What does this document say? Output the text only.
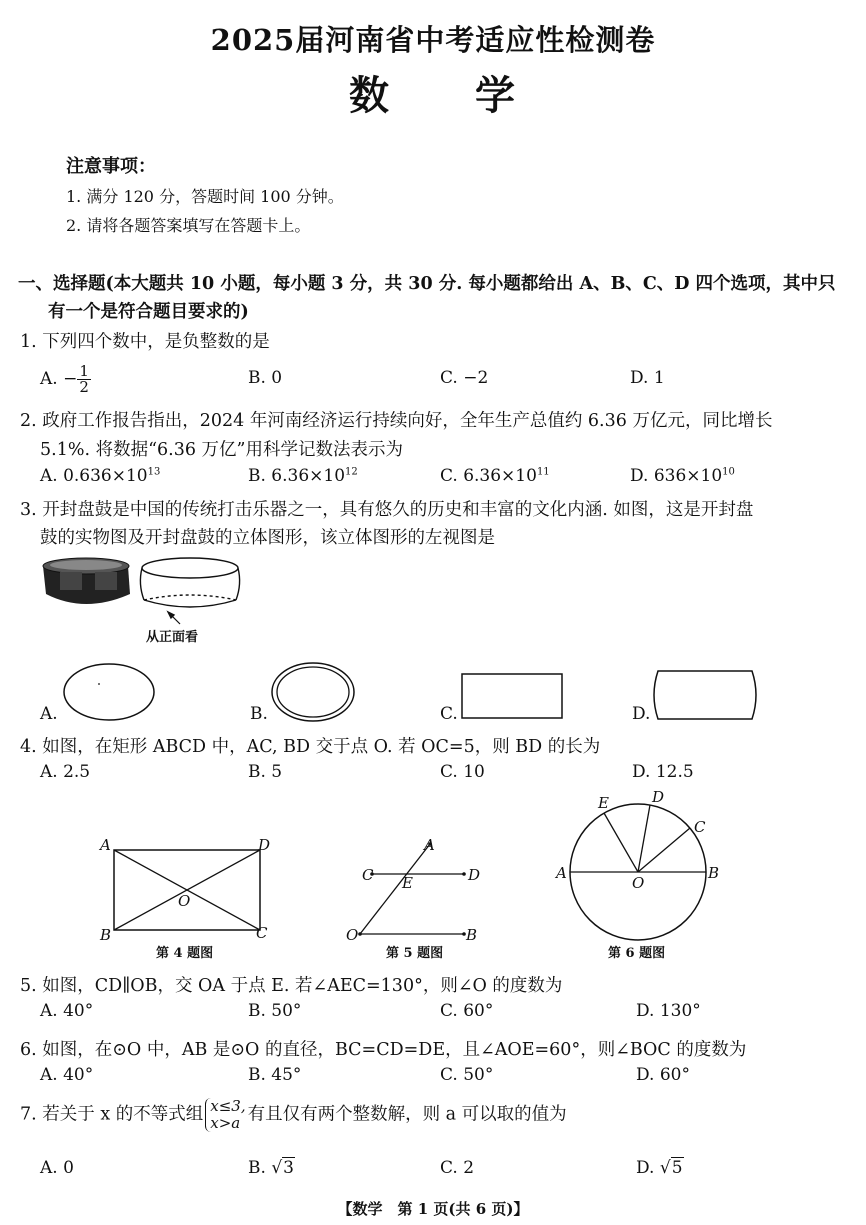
2025届河南省中考适应性检测卷
数　　学
注意事项：
1. 满分 120 分，答题时间 100 分钟。
2. 请将各题答案填写在答题卡上。
一、选择题(本大题共 10 小题，每小题 3 分，共 30 分. 每小题都给出 A、B、C、D 四个选项，其中只
有一个是符合题目要求的)
1. 下列四个数中，是负整数的是
A. − $\frac{1}{2}$	B. 0	C. −2	D. 1
2. 政府工作报告指出，2024 年河南经济运行持续向好，全年生产总值约 6.36 万亿元，同比增长
5.1%. 将数据“6.36 万亿”用科学记数法表示为
A. $0.636\times 10^{13}$	B. $6.36\times 10^{12}$	C. $6.36\times 10^{11}$	D. $636\times 10^{10}$
3. 开封盘鼓是中国的传统打击乐器之一，具有悠久的历史和丰富的文化内涵. 如图，这是开封盘
鼓的实物图及开封盘鼓的立体图形，该立体图形的左视图是
从正面看
A.	B.	C.	D.
4. 如图，在矩形 ABCD 中，AC, BD 交于点 O. 若 OC=5，则 BD 的长为
A. 2.5	B. 5	C. 10	D. 12.5
A	D
B	C
O
第 4 题图
A
C E	D
O	B
第 5 题图
E	D
C
A
O
B
第 6 题图
5. 如图，CD∥OB，交 OA 于点 E. 若∠AEC=130°，则∠O 的度数为
A. 40°	B. 50°	C. 60°	D. 130°
6. 如图，在⊙O 中，AB 是⊙O 的直径，BC=CD=DE，且∠AOE=60°，则∠BOC 的度数为
A. 40°	B. 45°	C. 50°	D. 60°
7. 若关于 x 的不等式组 x≤3,
x>a 有且仅有两个整数解，则 a 可以取的值为
A. 0	B. √3	C. 2	D. √5
【数学　第 1 页(共 6 页)】
